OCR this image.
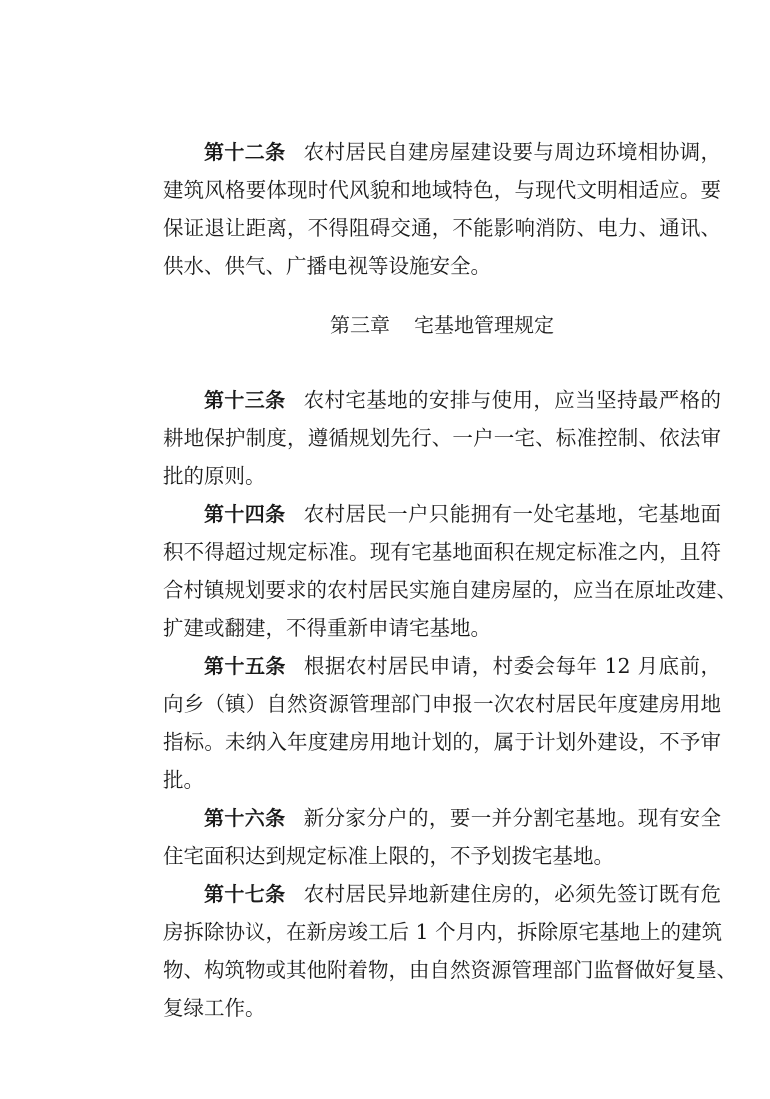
第十二条 农村居民自建房屋建设要与周边环境相协调，
建筑风格要体现时代风貌和地域特色，与现代文明相适应。要
保证退让距离，不得阻碍交通，不能影响消防、电力、通讯、
供水、供气、广播电视等设施安全。
第三章 宅基地管理规定
第十三条 农村宅基地的安排与使用，应当坚持最严格的
耕地保护制度，遵循规划先行、一户一宅、标准控制、依法审
批的原则。
第十四条 农村居民一户只能拥有一处宅基地，宅基地面
积不得超过规定标准。现有宅基地面积在规定标准之内，且符
合村镇规划要求的农村居民实施自建房屋的，应当在原址改建、
扩建或翻建，不得重新申请宅基地。
第十五条 根据农村居民申请，村委会每年 12 月底前，
向乡（镇）自然资源管理部门申报一次农村居民年度建房用地
指标。未纳入年度建房用地计划的，属于计划外建设，不予审
批。
第十六条 新分家分户的，要一并分割宅基地。现有安全
住宅面积达到规定标准上限的，不予划拨宅基地。
第十七条 农村居民异地新建住房的，必须先签订既有危
房拆除协议，在新房竣工后 1 个月内，拆除原宅基地上的建筑
物、构筑物或其他附着物，由自然资源管理部门监督做好复垦、
复绿工作。
